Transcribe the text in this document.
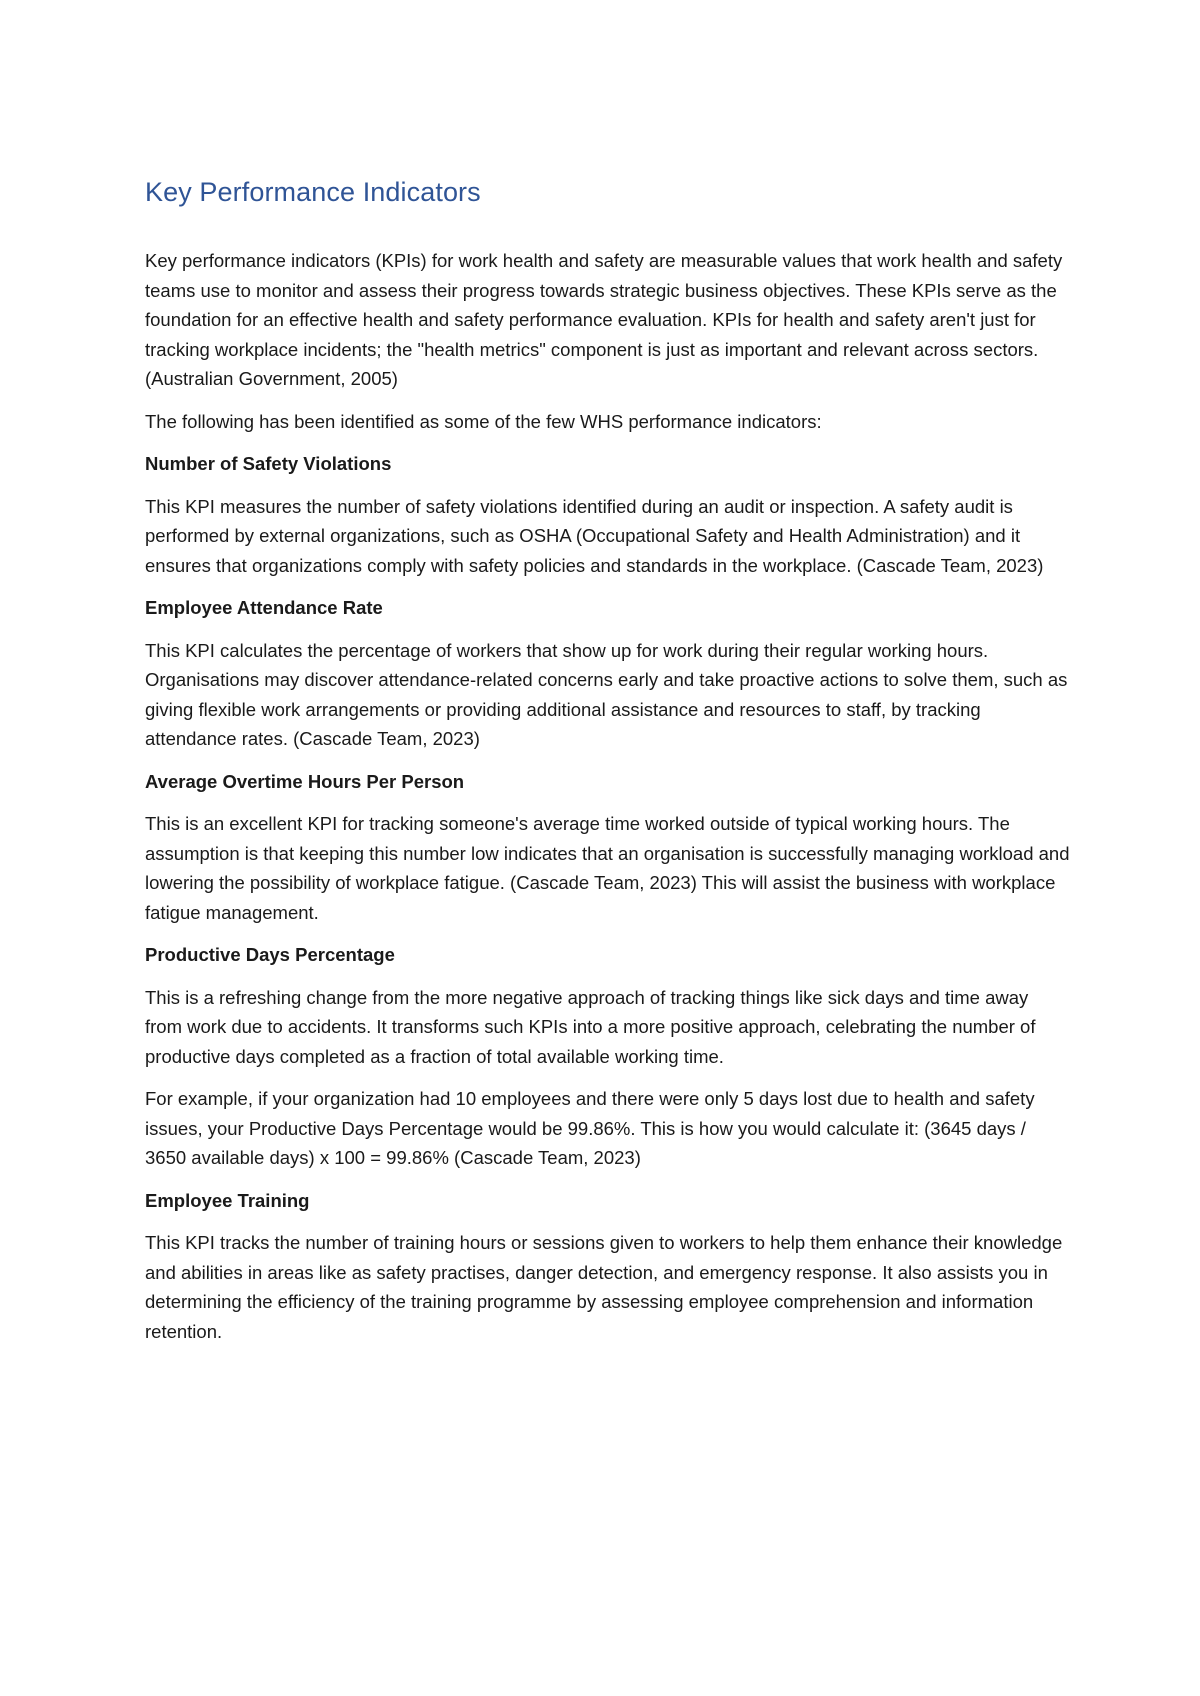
Key Performance Indicators

Key performance indicators (KPIs) for work health and safety are measurable values that work health and safety teams use to monitor and assess their progress towards strategic business objectives. These KPIs serve as the foundation for an effective health and safety performance evaluation. KPIs for health and safety aren't just for tracking workplace incidents; the "health metrics" component is just as important and relevant across sectors. (Australian Government, 2005)

The following has been identified as some of the few WHS performance indicators:

Number of Safety Violations

This KPI measures the number of safety violations identified during an audit or inspection. A safety audit is performed by external organizations, such as OSHA (Occupational Safety and Health Administration) and it ensures that organizations comply with safety policies and standards in the workplace. (Cascade Team, 2023)

Employee Attendance Rate

This KPI calculates the percentage of workers that show up for work during their regular working hours. Organisations may discover attendance-related concerns early and take proactive actions to solve them, such as giving flexible work arrangements or providing additional assistance and resources to staff, by tracking attendance rates. (Cascade Team, 2023)

Average Overtime Hours Per Person

This is an excellent KPI for tracking someone's average time worked outside of typical working hours. The assumption is that keeping this number low indicates that an organisation is successfully managing workload and lowering the possibility of workplace fatigue. (Cascade Team, 2023) This will assist the business with workplace fatigue management.

Productive Days Percentage

This is a refreshing change from the more negative approach of tracking things like sick days and time away from work due to accidents. It transforms such KPIs into a more positive approach, celebrating the number of productive days completed as a fraction of total available working time.

For example, if your organization had 10 employees and there were only 5 days lost due to health and safety issues, your Productive Days Percentage would be 99.86%. This is how you would calculate it: (3645 days / 3650 available days) x 100 = 99.86% (Cascade Team, 2023)

Employee Training

This KPI tracks the number of training hours or sessions given to workers to help them enhance their knowledge and abilities in areas like as safety practises, danger detection, and emergency response. It also assists you in determining the efficiency of the training programme by assessing employee comprehension and information retention.
